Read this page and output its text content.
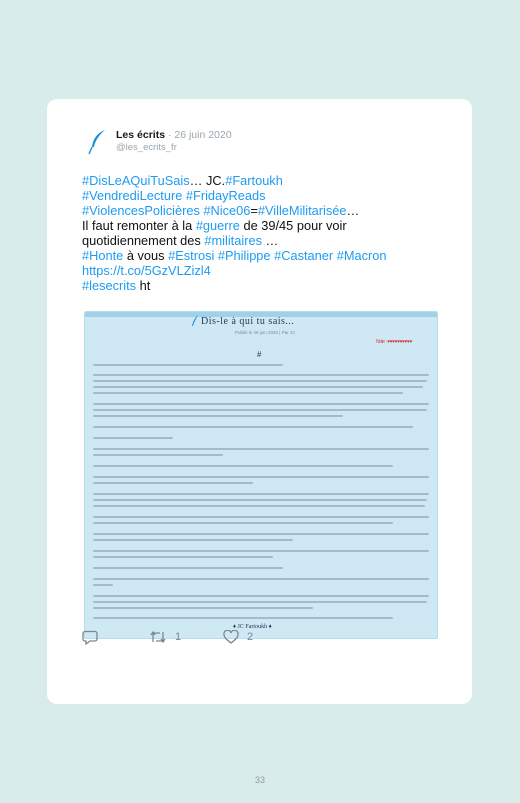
Les écrits · 26 juin 2020
@les_ecrits_fr
#DisLeAQuiTuSais… JC.#Fartoukh
#VendrediLecture #FridayReads
#ViolencesPolicières #Nice06=#VilleMilitarisée…
Il faut remonter à la #guerre de 39/45 pour voir
quotidiennement des #militaires …
#Honte à vous #Estrosi #Philippe #Castaner #Macron
https://t.co/5GzVLZizl4
#lesecrits ht
Dis-le à qui tu sais...
Publié le 26 juin 2020 | Par JC
Note : ♥♥♥♥♥♥♥♥♥♥
#
♦ JC Fartoukh ♦
1	2
33
